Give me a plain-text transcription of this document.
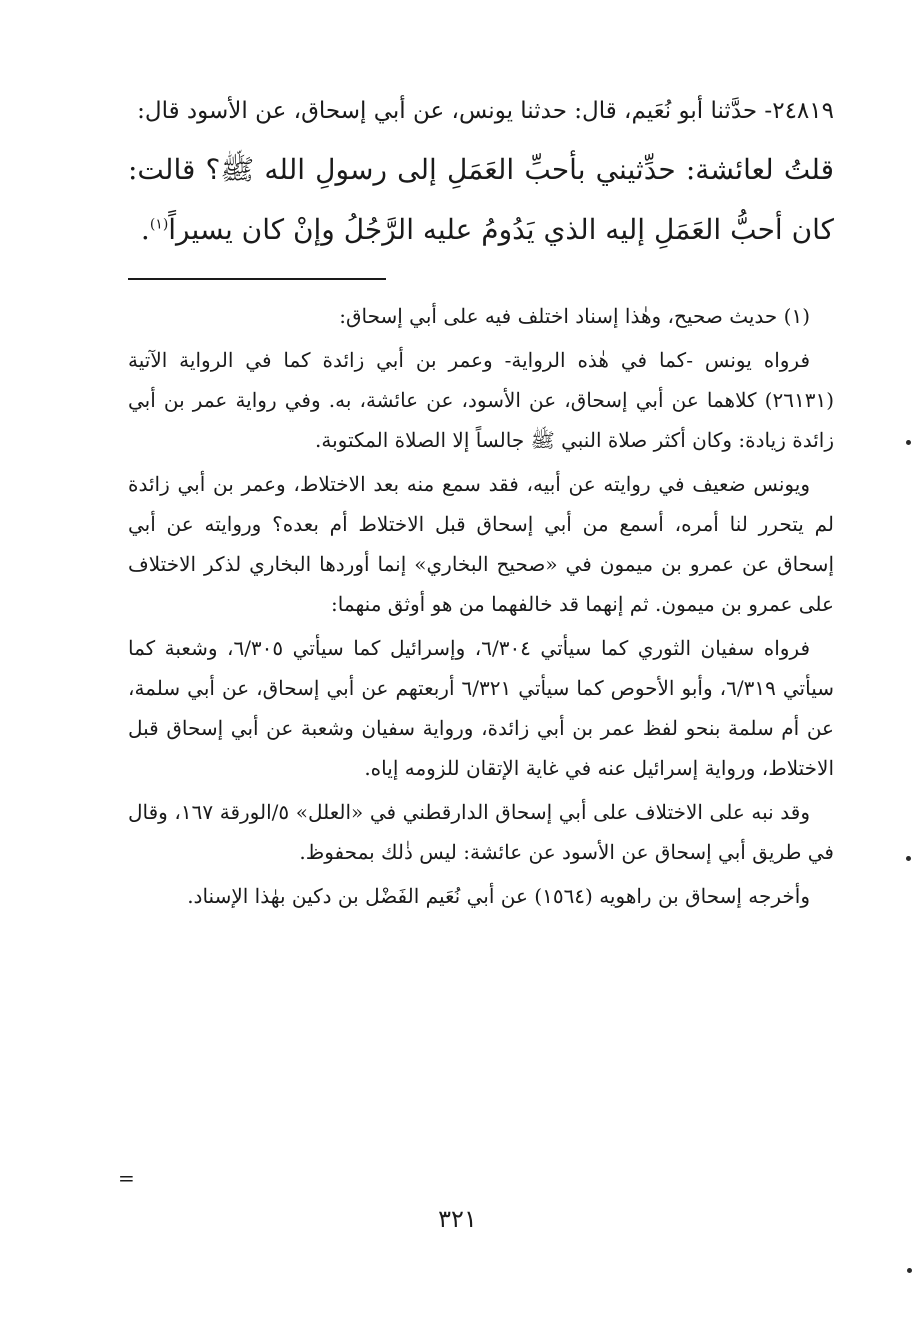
٢٤٨١٩- حدَّثنا أبو نُعَيم، قال: حدثنا يونس، عن أبي إسحاق، عن الأسود قال:

قلتُ لعائشة: حدِّثيني بأحبِّ العَمَلِ إلى رسولِ الله ﷺ؟ قالت: كان أحبُّ العَمَلِ إليه الذي يَدُومُ عليه الرَّجُلُ وإنْ كان يسيراً$^{(١)}$.

(١) حديث صحيح، وهٰذا إسناد اختلف فيه على أبي إسحاق:

فرواه يونس -كما في هٰذه الرواية- وعمر بن أبي زائدة كما في الرواية الآتية (٢٦١٣١) كلاهما عن أبي إسحاق، عن الأسود، عن عائشة، به. وفي رواية عمر بن أبي زائدة زيادة: وكان أكثر صلاة النبي ﷺ جالساً إلا الصلاة المكتوبة.

ويونس ضعيف في روايته عن أبيه، فقد سمع منه بعد الاختلاط، وعمر بن أبي زائدة لم يتحرر لنا أمره، أسمع من أبي إسحاق قبل الاختلاط أم بعده؟ وروايته عن أبي إسحاق عن عمرو بن ميمون في «صحيح البخاري» إنما أوردها البخاري لذكر الاختلاف على عمرو بن ميمون. ثم إنهما قد خالفهما من هو أوثق منهما:

فرواه سفيان الثوري كما سيأتي ٦/٣٠٤، وإسرائيل كما سيأتي ٦/٣٠٥، وشعبة كما سيأتي ٦/٣١٩، وأبو الأحوص كما سيأتي ٦/٣٢١ أربعتهم عن أبي إسحاق، عن أبي سلمة، عن أم سلمة بنحو لفظ عمر بن أبي زائدة، ورواية سفيان وشعبة عن أبي إسحاق قبل الاختلاط، ورواية إسرائيل عنه في غاية الإتقان للزومه إياه.

وقد نبه على الاختلاف على أبي إسحاق الدارقطني في «العلل» ٥/الورقة ١٦٧، وقال في طريق أبي إسحاق عن الأسود عن عائشة: ليس ذٰلك بمحفوظ.

وأخرجه إسحاق بن راهويه (١٥٦٤) عن أبي نُعَيم الفَضْل بن دكين بهٰذا الإسناد.

=
٣٢١
